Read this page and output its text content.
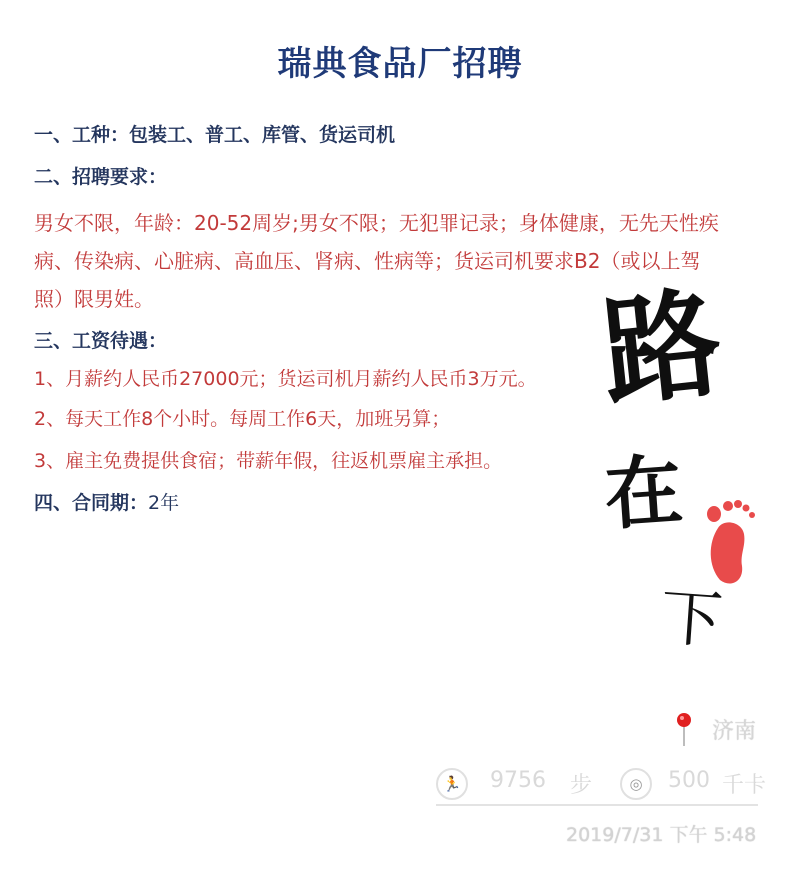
瑞典食品厂招聘
一、工种：包装工、普工、库管、货运司机
二、招聘要求：
男女不限，年龄：20-52周岁;男女不限；无犯罪记录；身体健康，无先天性疾
病、传染病、心脏病、高血压、肾病、性病等；货运司机要求B2（或以上驾
照）限男姓。
三、工资待遇：
1、月薪约人民币27000元；货运司机月薪约人民币3万元。
2、每天工作8个小时。每周工作6天，加班另算；
3、雇主免费提供食宿；带薪年假，往返机票雇主承担。
四、合同期：2年
路
在
下
济南
🏃	9756 步	◎	500 千卡
2019/7/31 下午 5:48
